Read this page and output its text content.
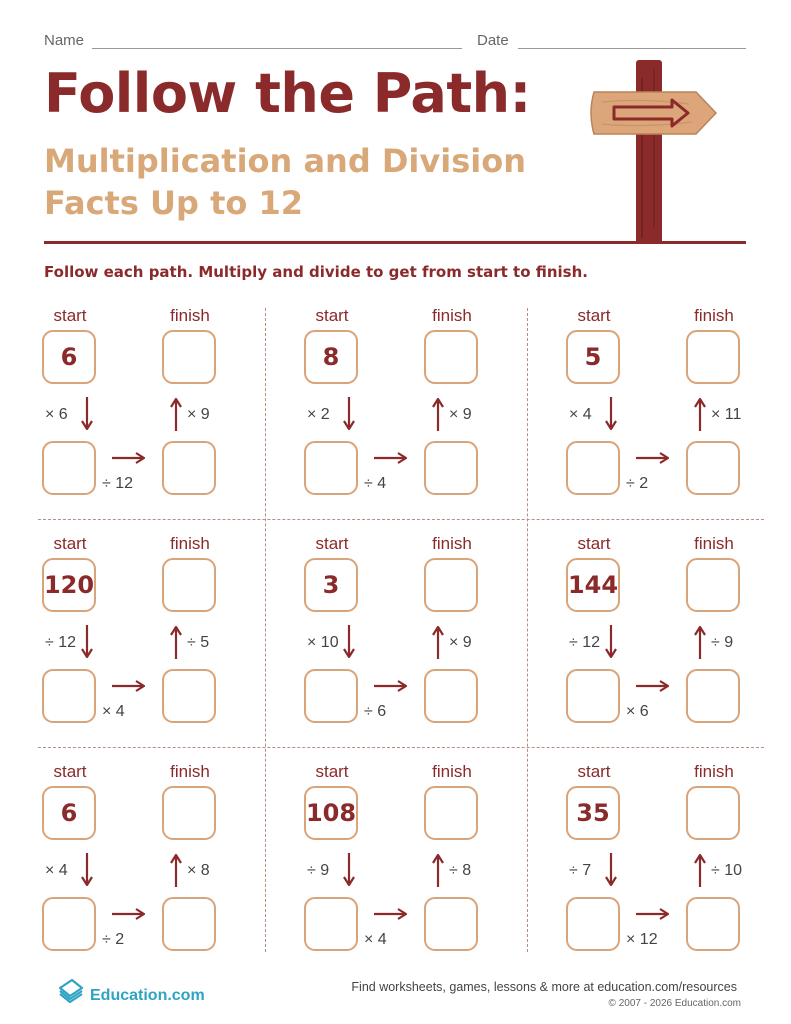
Name	Date
Follow the Path:
Multiplication and Division
Facts Up to 12

Follow each path. Multiply and divide to get from start to finish.

start	finish
6
× 6
÷ 12
× 9
start	finish
8
× 2
÷ 4
× 9
start	finish
5
× 4
÷ 2
× 11
start	finish
120
÷ 12
× 4
÷ 5
start	finish
3
× 10
÷ 6
× 9
start	finish
144
÷ 12
× 6
÷ 9
start	finish
6
× 4
÷ 2
× 8
start	finish
108
÷ 9
× 4
÷ 8
start	finish
35
÷ 7
× 12
÷ 10
Education.com	Find worksheets, games, lessons & more at education.com/resources
© 2007 - 2026 Education.com
